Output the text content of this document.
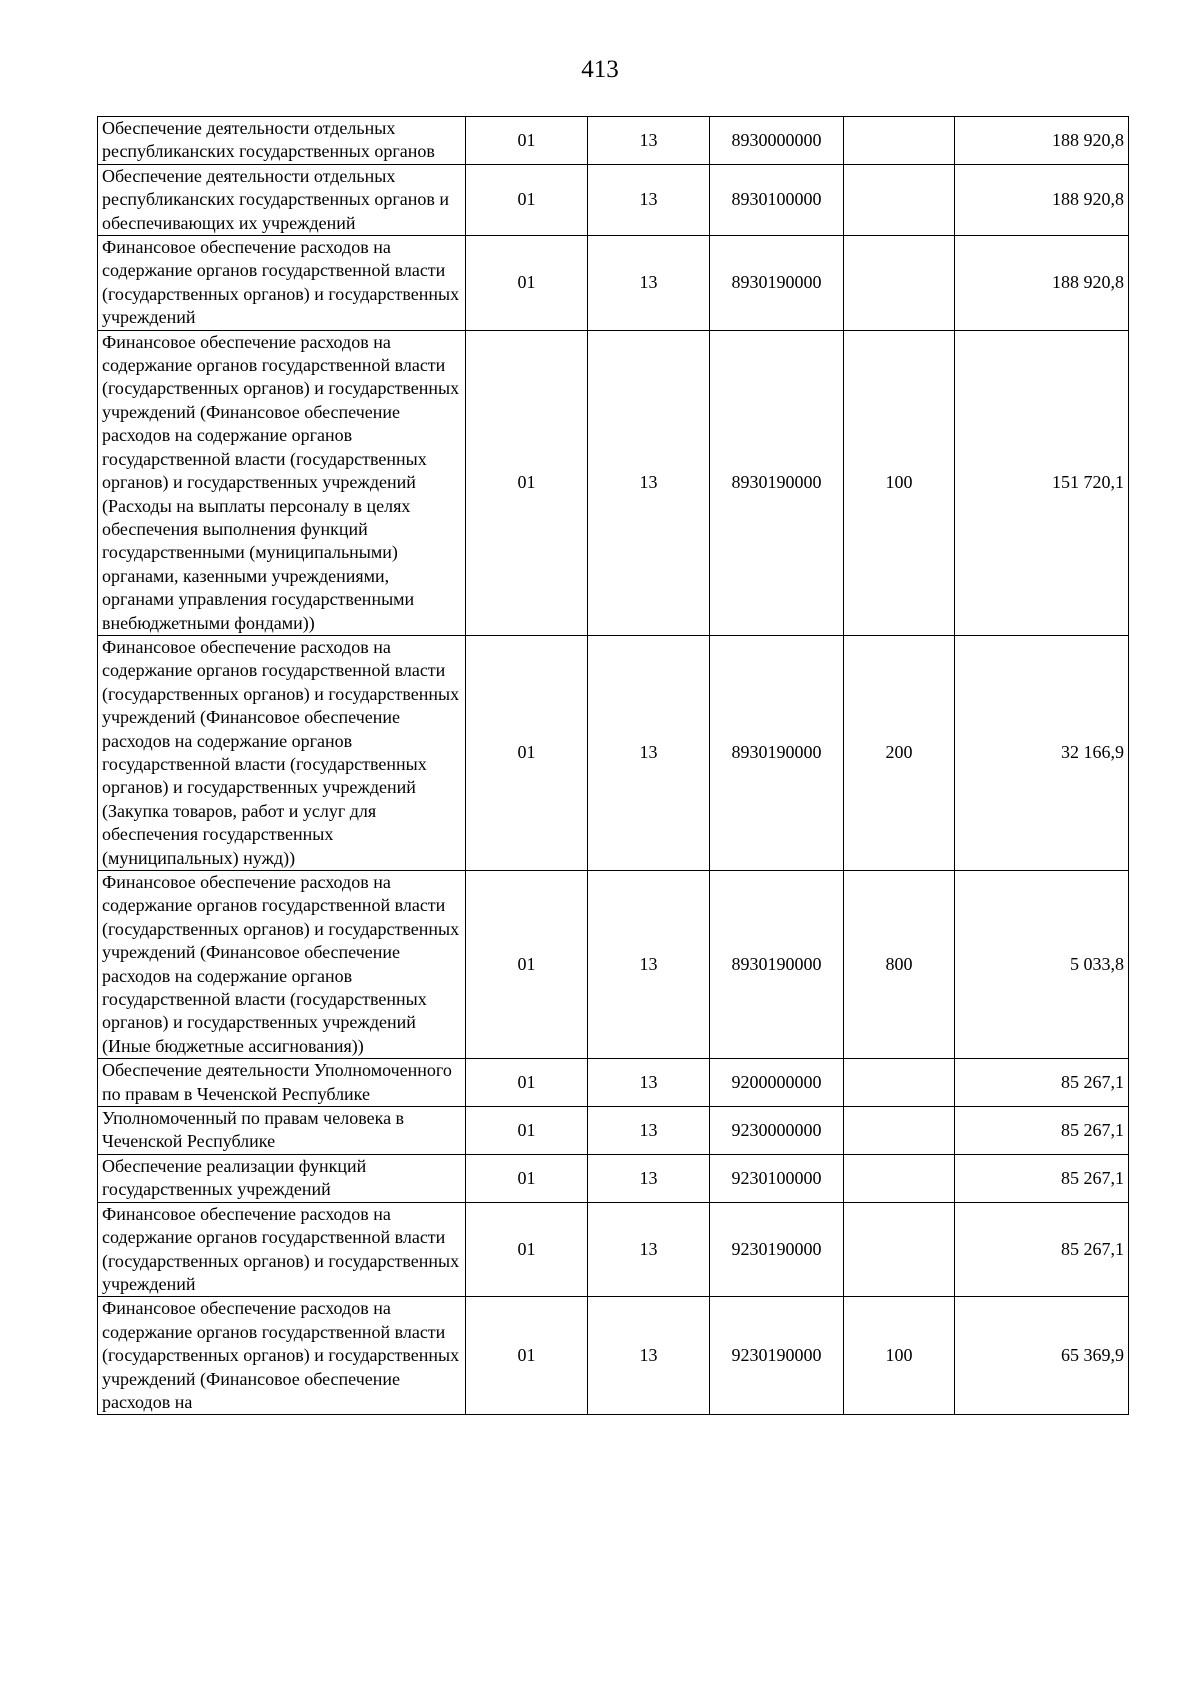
413
Обеспечение деятельности отдельных республиканских государственных органов	01	13	8930000000		188 920,8
Обеспечение деятельности отдельных республиканских государственных органов и обеспечивающих их учреждений	01	13	8930100000		188 920,8
Финансовое обеспечение расходов на содержание органов государственной власти (государственных органов) и государственных учреждений	01	13	8930190000		188 920,8
Финансовое обеспечение расходов на содержание органов государственной власти (государственных органов) и государственных учреждений (Финансовое обеспечение расходов на содержание органов государственной власти (государственных органов) и государственных учреждений (Расходы на выплаты персоналу в целях обеспечения выполнения функций государственными (муниципальными) органами, казенными учреждениями, органами управления государственными внебюджетными фондами))	01	13	8930190000	100	151 720,1
Финансовое обеспечение расходов на содержание органов государственной власти (государственных органов) и государственных учреждений (Финансовое обеспечение расходов на содержание органов государственной власти (государственных органов) и государственных учреждений (Закупка товаров, работ и услуг для обеспечения государственных (муниципальных) нужд))	01	13	8930190000	200	32 166,9
Финансовое обеспечение расходов на содержание органов государственной власти (государственных органов) и государственных учреждений (Финансовое обеспечение расходов на содержание органов государственной власти (государственных органов) и государственных учреждений (Иные бюджетные ассигнования))	01	13	8930190000	800	5 033,8
Обеспечение деятельности Уполномоченного по правам в Чеченской Республике	01	13	9200000000		85 267,1
Уполномоченный по правам человека в Чеченской Республике	01	13	9230000000		85 267,1
Обеспечение реализации функций государственных учреждений	01	13	9230100000		85 267,1
Финансовое обеспечение расходов на содержание органов государственной власти (государственных органов) и государственных учреждений	01	13	9230190000		85 267,1
Финансовое обеспечение расходов на содержание органов государственной власти (государственных органов) и государственных учреждений (Финансовое обеспечение расходов на	01	13	9230190000	100	65 369,9
